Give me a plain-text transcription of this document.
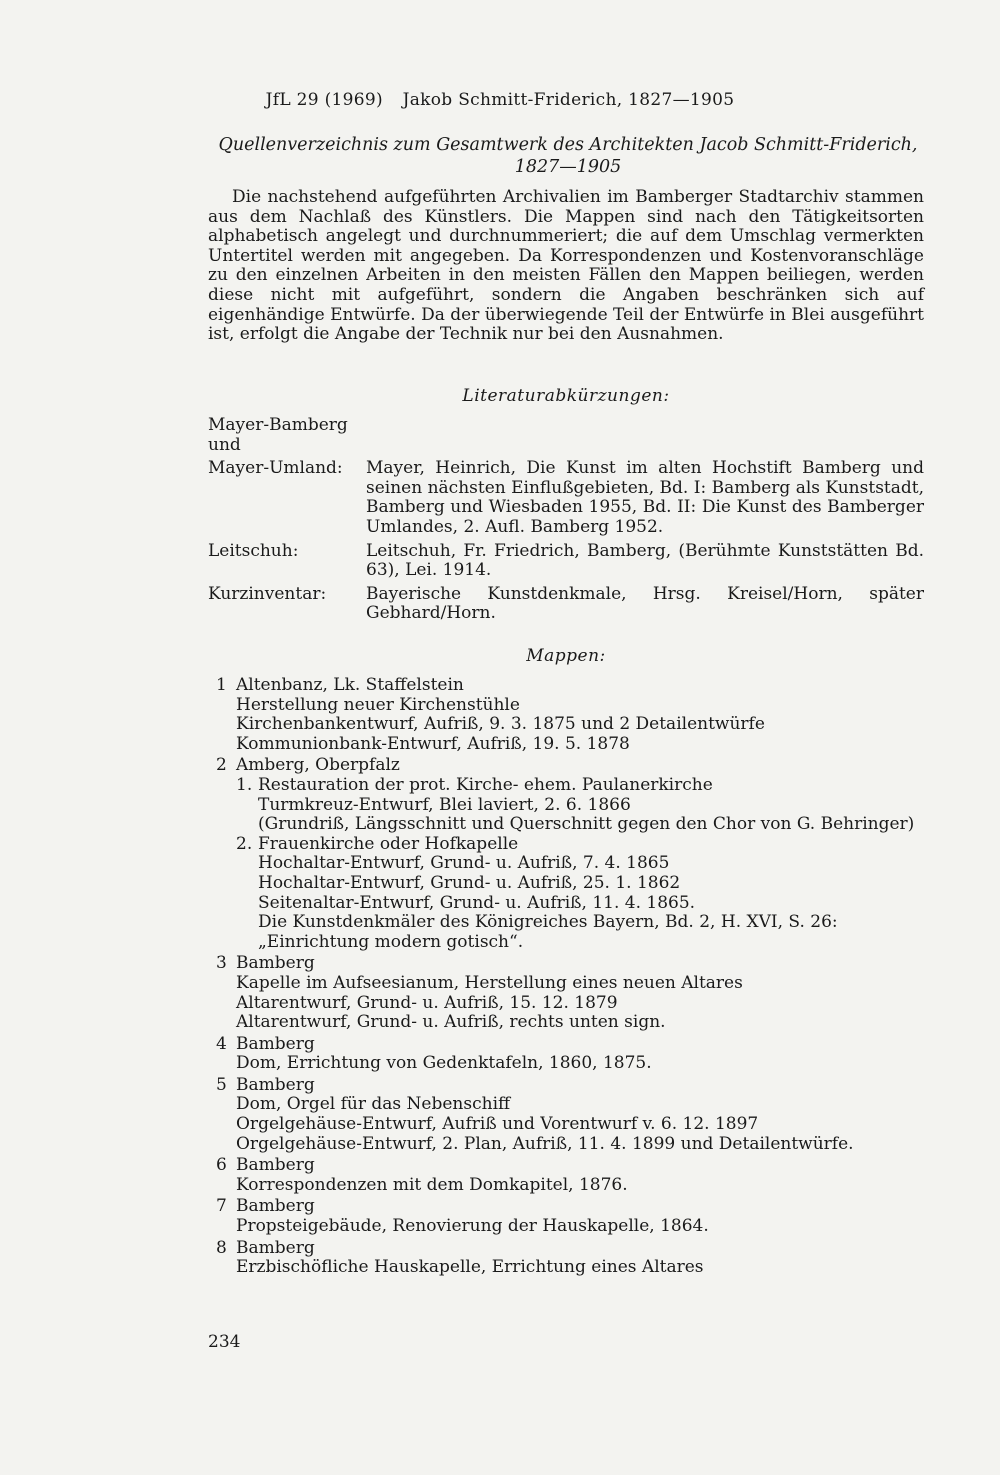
JfL 29 (1969) Jakob Schmitt-Friderich, 1827—1905
Quellenverzeichnis zum Gesamtwerk des Architekten Jacob Schmitt-Friderich,
1827—1905

Die nachstehend aufgeführten Archivalien im Bamberger Stadtarchiv stammen aus dem Nachlaß des Künstlers. Die Mappen sind nach den Tätigkeitsorten alphabetisch angelegt und durchnummeriert; die auf dem Umschlag vermerkten Untertitel werden mit angegeben. Da Korrespondenzen und Kostenvoranschläge zu den einzelnen Arbeiten in den meisten Fällen den Mappen beiliegen, werden diese nicht mit aufgeführt, sondern die Angaben beschränken sich auf eigenhändige Entwürfe. Da der überwiegende Teil der Entwürfe in Blei ausgeführt ist, erfolgt die Angabe der Technik nur bei den Ausnahmen.

Literaturabkürzungen:
Mayer-Bamberg und
Mayer-Umland:	Mayer, Heinrich, Die Kunst im alten Hochstift Bamberg und seinen nächsten Einflußgebieten, Bd. I: Bamberg als Kunststadt, Bamberg und Wiesbaden 1955, Bd. II: Die Kunst des Bamberger Umlandes, 2. Aufl. Bamberg 1952.
Leitschuh:	Leitschuh, Fr. Friedrich, Bamberg, (Berühmte Kunststätten Bd. 63), Lei. 1914.
Kurzinventar:	Bayerische Kunstdenkmale, Hrsg. Kreisel/Horn, später Gebhard/Horn.
Mappen:
1 Altenbanz, Lk. Staffelstein
Herstellung neuer Kirchenstühle
Kirchenbankentwurf, Aufriß, 9. 3. 1875 und 2 Detailentwürfe
Kommunionbank-Entwurf, Aufriß, 19. 5. 1878
2 Amberg, Oberpfalz
1. Restauration der prot. Kirche- ehem. Paulanerkirche
Turmkreuz-Entwurf, Blei laviert, 2. 6. 1866
(Grundriß, Längsschnitt und Querschnitt gegen den Chor von G. Behringer)
2. Frauenkirche oder Hofkapelle
Hochaltar-Entwurf, Grund- u. Aufriß, 7. 4. 1865
Hochaltar-Entwurf, Grund- u. Aufriß, 25. 1. 1862
Seitenaltar-Entwurf, Grund- u. Aufriß, 11. 4. 1865.
Die Kunstdenkmäler des Königreiches Bayern, Bd. 2, H. XVI, S. 26: „Einrichtung modern gotisch“.
3 Bamberg
Kapelle im Aufseesianum, Herstellung eines neuen Altares
Altarentwurf, Grund- u. Aufriß, 15. 12. 1879
Altarentwurf, Grund- u. Aufriß, rechts unten sign.
4 Bamberg
Dom, Errichtung von Gedenktafeln, 1860, 1875.
5 Bamberg
Dom, Orgel für das Nebenschiff
Orgelgehäuse-Entwurf, Aufriß und Vorentwurf v. 6. 12. 1897
Orgelgehäuse-Entwurf, 2. Plan, Aufriß, 11. 4. 1899 und Detailentwürfe.
6 Bamberg
Korrespondenzen mit dem Domkapitel, 1876.
7 Bamberg
Propsteigebäude, Renovierung der Hauskapelle, 1864.
8 Bamberg
Erzbischöfliche Hauskapelle, Errichtung eines Altares
234
